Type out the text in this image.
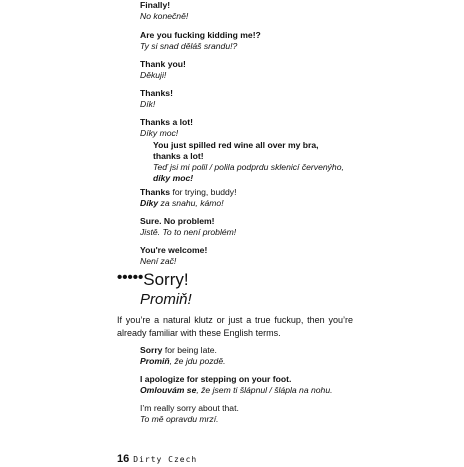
Finally!
No konečně!
Are you fucking kidding me!?
Ty si snad děláš srandu!?
Thank you!
Děkuji!
Thanks!
Dík!
Thanks a lot!
Díky moc!
You just spilled red wine all over my bra,
thanks a lot!
Teď jsi mi polil / polila podprdu sklenicí červenýho,
díky moc!
Thanks for trying, buddy!
Díky za snahu, kámo!
Sure. No problem!
Jistě. To to není problém!
You're welcome!
Není zač!
•••••Sorry!
Promiň!
If you’re a natural klutz or just a true fuckup, then you’re already familiar with these English terms.
Sorry for being late.
Promiň, že jdu pozdě.
I apologize for stepping on your foot.
Omlouvám se, že jsem ti šlápnul / šlápla na nohu.
I’m really sorry about that.
To mě opravdu mrzí.
16 Dirty Czech
